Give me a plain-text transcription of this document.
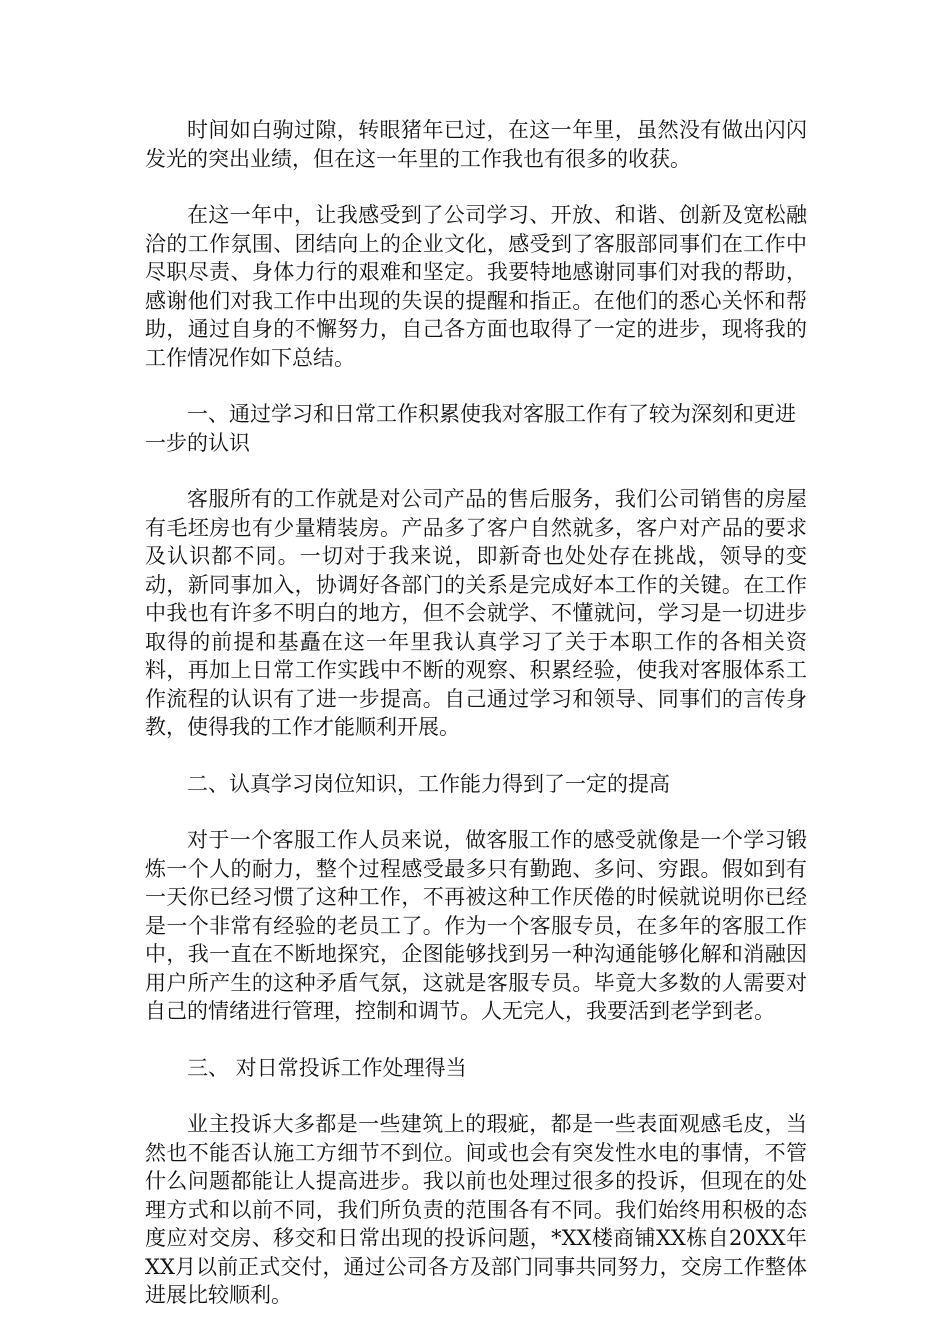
时间如白驹过隙，转眼猪年已过，在这一年里，虽然没有做出闪闪发光的突出业绩，但在这一年里的工作我也有很多的收获。

在这一年中，让我感受到了公司学习、开放、和谐、创新及宽松融洽的工作氛围、团结向上的企业文化，感受到了客服部同事们在工作中尽职尽责、身体力行的艰难和坚定。我要特地感谢同事们对我的帮助，感谢他们对我工作中出现的失误的提醒和指正。在他们的悉心关怀和帮助，通过自身的不懈努力，自己各方面也取得了一定的进步，现将我的工作情况作如下总结。

一、通过学习和日常工作积累使我对客服工作有了较为深刻和更进一步的认识

客服所有的工作就是对公司产品的售后服务，我们公司销售的房屋有毛坯房也有少量精装房。产品多了客户自然就多，客户对产品的要求及认识都不同。一切对于我来说，即新奇也处处存在挑战，领导的变动，新同事加入，协调好各部门的关系是完成好本工作的关键。在工作中我也有许多不明白的地方，但不会就学、不懂就问，学习是一切进步取得的前提和基矗在这一年里我认真学习了关于本职工作的各相关资料，再加上日常工作实践中不断的观察、积累经验，使我对客服体系工作流程的认识有了进一步提高。自己通过学习和领导、同事们的言传身教，使得我的工作才能顺利开展。

二、认真学习岗位知识，工作能力得到了一定的提高

对于一个客服工作人员来说，做客服工作的感受就像是一个学习锻炼一个人的耐力，整个过程感受最多只有勤跑、多问、穷跟。假如到有一天你已经习惯了这种工作，不再被这种工作厌倦的时候就说明你已经是一个非常有经验的老员工了。作为一个客服专员，在多年的客服工作中，我一直在不断地探究，企图能够找到另一种沟通能够化解和消融因用户所产生的这种矛盾气氛，这就是客服专员。毕竟大多数的人需要对自己的情绪进行管理，控制和调节。人无完人，我要活到老学到老。

三、 对日常投诉工作处理得当

业主投诉大多都是一些建筑上的瑕疵，都是一些表面观感毛皮，当然也不能否认施工方细节不到位。间或也会有突发性水电的事情，不管什么问题都能让人提高进步。我以前也处理过很多的投诉，但现在的处理方式和以前不同，我们所负责的范围各有不同。我们始终用积极的态度应对交房、移交和日常出现的投诉问题，*XX楼商铺XX栋自20XX年XX月以前正式交付，通过公司各方及部门同事共同努力，交房工作整体进展比较顺利。
